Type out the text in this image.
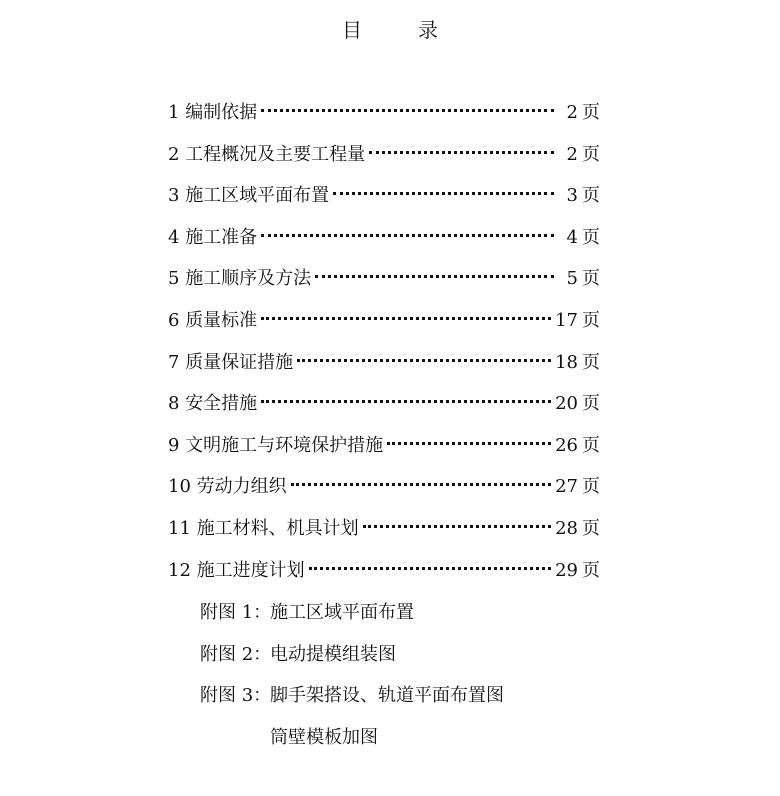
目　录
1 编制依据	2 页
2 工程概况及主要工程量	2 页
3 施工区域平面布置	3 页
4 施工准备	4 页
5 施工顺序及方法	5 页
6 质量标准	17 页
7 质量保证措施	18 页
8 安全措施	20 页
9 文明施工与环境保护措施	26 页
10 劳动力组织	27 页
11 施工材料、机具计划	28 页
12 施工进度计划	29 页
附图 1：施工区域平面布置
附图 2：电动提模组装图
附图 3：脚手架搭设、轨道平面布置图
筒壁模板加图
